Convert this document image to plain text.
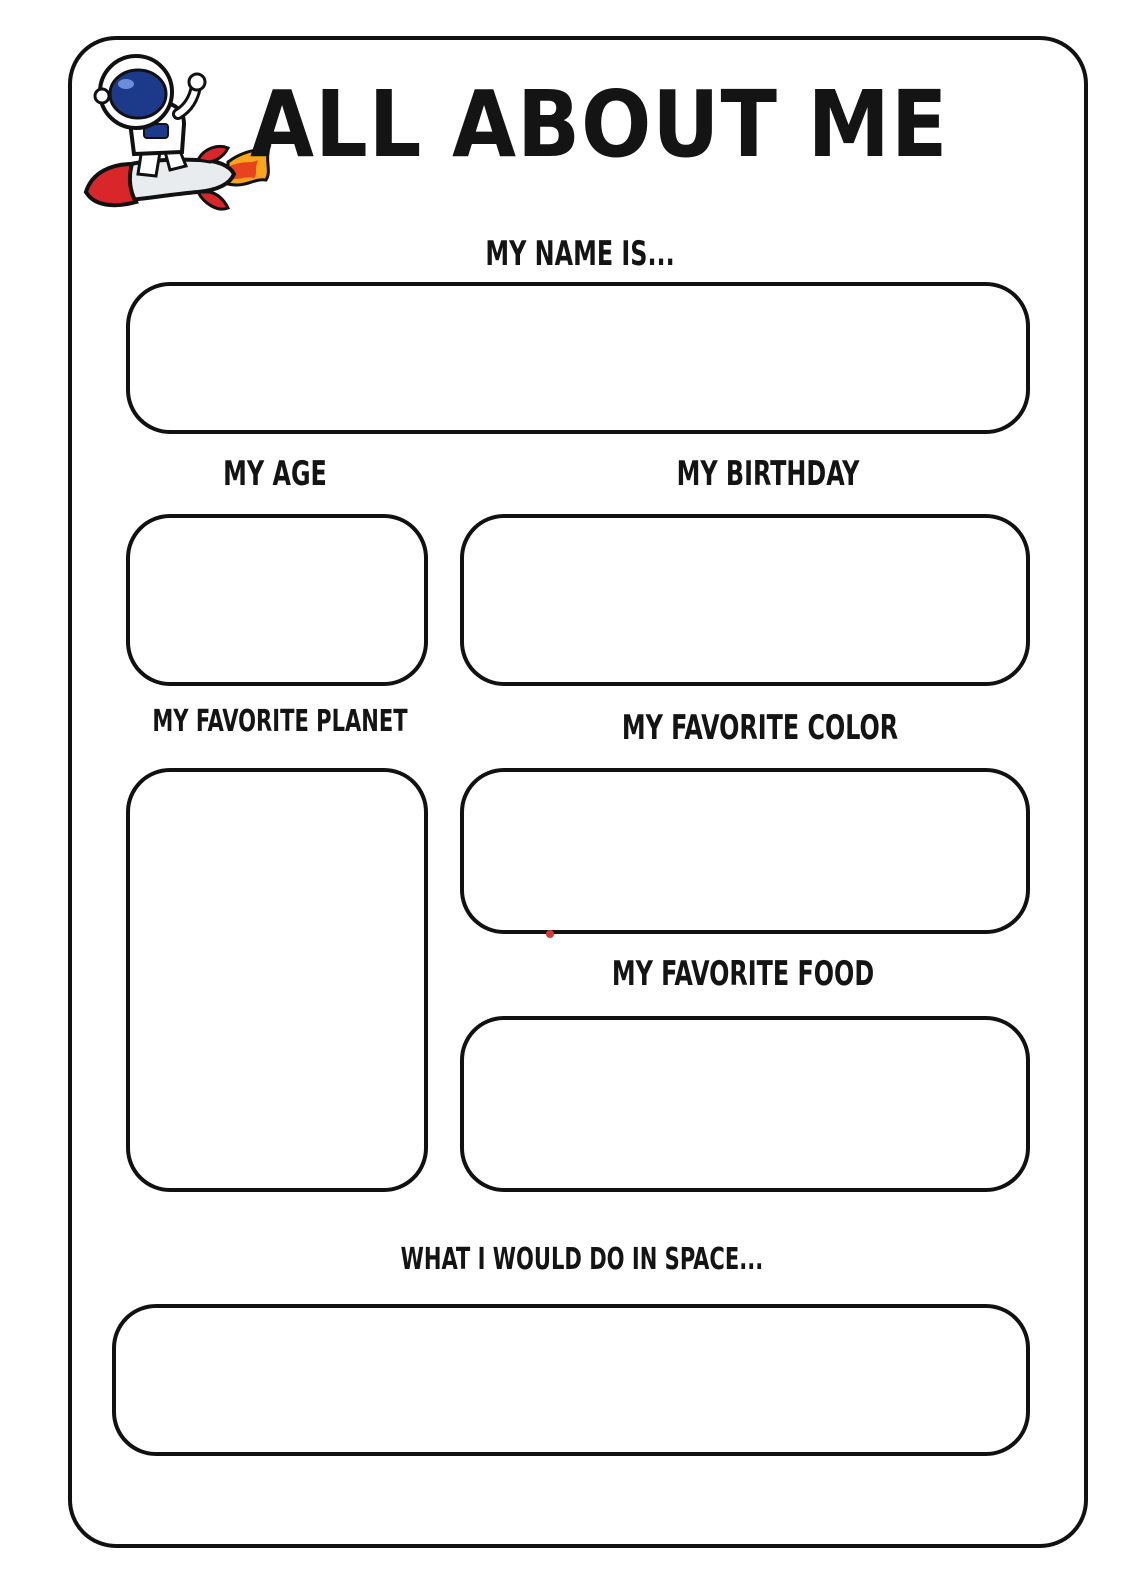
ALL ABOUT ME
MY NAME IS...
MY AGE	MY BIRTHDAY
MY FAVORITE PLANET	MY FAVORITE COLOR
MY FAVORITE FOOD
WHAT I WOULD DO IN SPACE...
